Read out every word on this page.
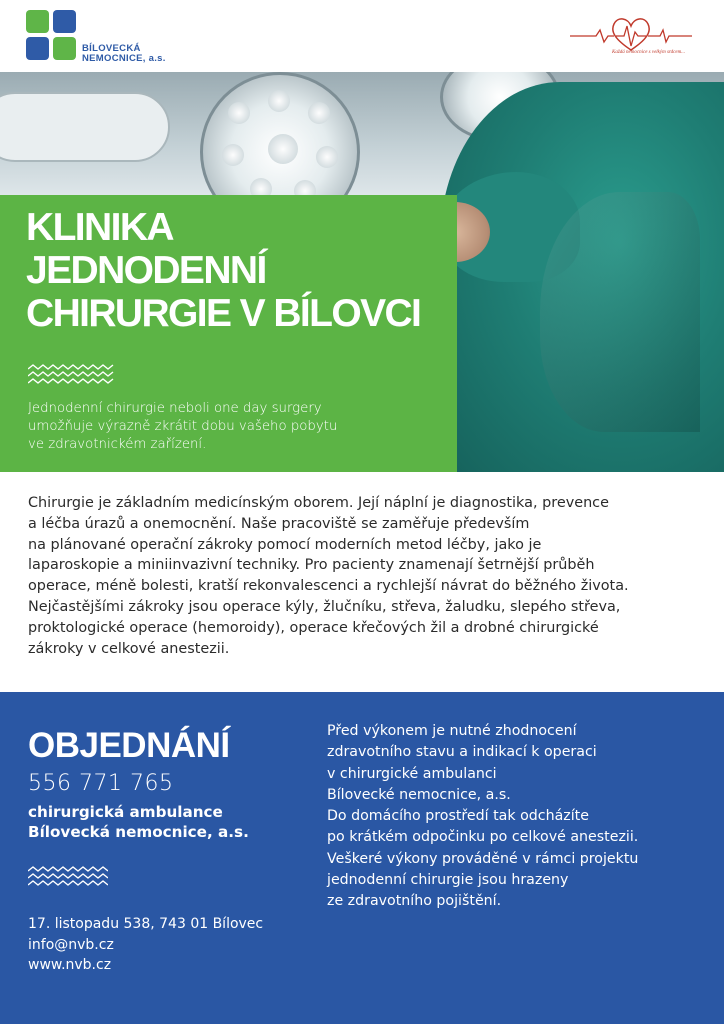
BÍLOVECKÁ
NEMOCNICE, a.s.
Každá nemocnice s velkým srdcem...
KLINIKA
JEDNODENNÍ
CHIRURGIE V BÍLOVCI
Jednodenní chirurgie neboli one day surgery
umožňuje výrazně zkrátit dobu vašeho pobytu
ve zdravotnickém zařízení.
Chirurgie je základním medicínským oborem. Její náplní je diagnostika, prevence
a léčba úrazů a onemocnění. Naše pracoviště se zaměřuje především
na plánované operační zákroky pomocí moderních metod léčby, jako je
laparoskopie a miniinvazivní techniky. Pro pacienty znamenají šetrnější průběh
operace, méně bolesti, kratší rekonvalescenci a rychlejší návrat do běžného života.
Nejčastějšími zákroky jsou operace kýly, žlučníku, střeva, žaludku, slepého střeva,
proktologické operace (hemoroidy), operace křečových žil a drobné chirurgické
zákroky v celkové anestezii.
OBJEDNÁNÍ
556 771 765
chirurgická ambulance
Bílovecká nemocnice, a.s.
17. listopadu 538, 743 01 Bílovec
info@nvb.cz
www.nvb.cz
Před výkonem je nutné zhodnocení
zdravotního stavu a indikací k operaci
v chirurgické ambulanci
Bílovecké nemocnice, a.s.
Do domácího prostředí tak odcházíte
po krátkém odpočinku po celkové anestezii.
Veškeré výkony prováděné v rámci projektu
jednodenní chirurgie jsou hrazeny
ze zdravotního pojištění.
